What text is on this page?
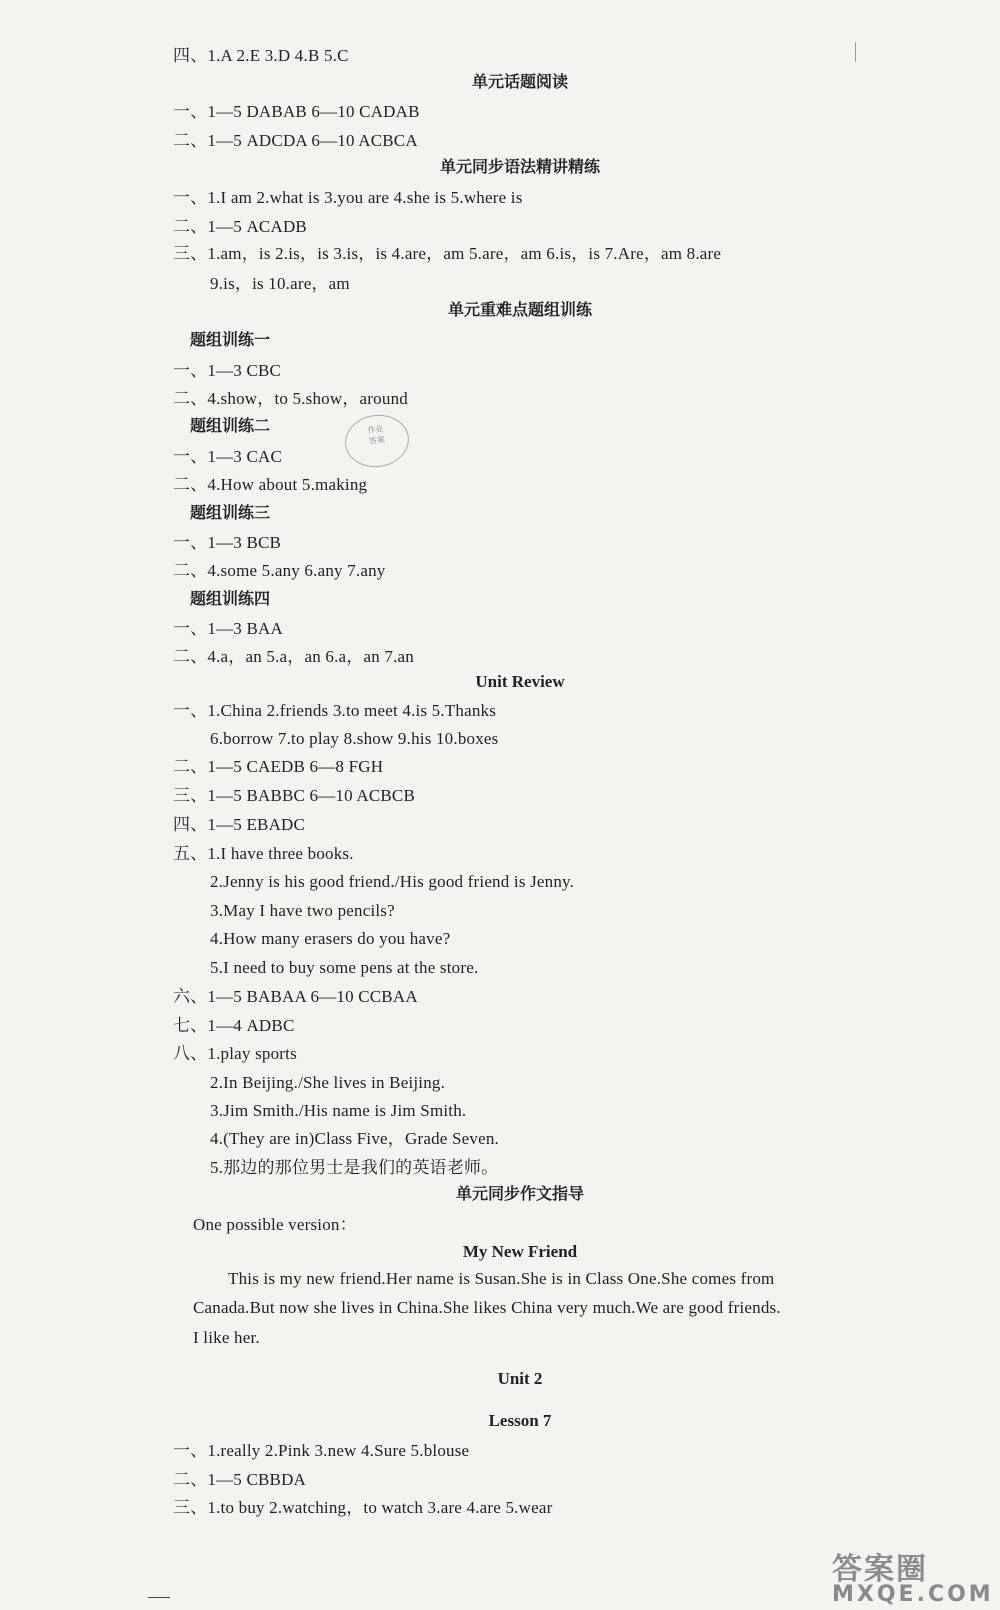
四、1.A 2.E 3.D 4.B 5.C
单元话题阅读
一、1—5 DABAB 6—10 CADAB
二、1—5 ADCDA 6—10 ACBCA
单元同步语法精讲精练
一、1.I am 2.what is 3.you are 4.she is 5.where is
二、1—5 ACADB
三、1.am，is 2.is，is 3.is，is 4.are，am 5.are，am 6.is，is 7.Are，am 8.are
9.is，is 10.are，am
单元重难点题组训练
题组训练一
一、1—3 CBC
二、4.show，to 5.show，around
题组训练二
一、1—3 CAC
二、4.How about 5.making
题组训练三
一、1—3 BCB
二、4.some 5.any 6.any 7.any
题组训练四
一、1—3 BAA
二、4.a，an 5.a，an 6.a，an 7.an
Unit Review
一、1.China 2.friends 3.to meet 4.is 5.Thanks
6.borrow 7.to play 8.show 9.his 10.boxes
二、1—5 CAEDB 6—8 FGH
三、1—5 BABBC 6—10 ACBCB
四、1—5 EBADC
五、1.I have three books.
2.Jenny is his good friend./His good friend is Jenny.
3.May I have two pencils?
4.How many erasers do you have?
5.I need to buy some pens at the store.
六、1—5 BABAA 6—10 CCBAA
七、1—4 ADBC
八、1.play sports
2.In Beijing./She lives in Beijing.
3.Jim Smith./His name is Jim Smith.
4.(They are in)Class Five，Grade Seven.
5.那边的那位男士是我们的英语老师。
单元同步作文指导
One possible version：
My New Friend
This is my new friend.Her name is Susan.She is in Class One.She comes from
Canada.But now she lives in China.She likes China very much.We are good friends.
I like her.
Unit 2
Lesson 7
一、1.really 2.Pink 3.new 4.Sure 5.blouse
二、1—5 CBBDA
三、1.to buy 2.watching，to watch 3.are 4.are 5.wear
作业
答案
答案圈
MXQE.COM
